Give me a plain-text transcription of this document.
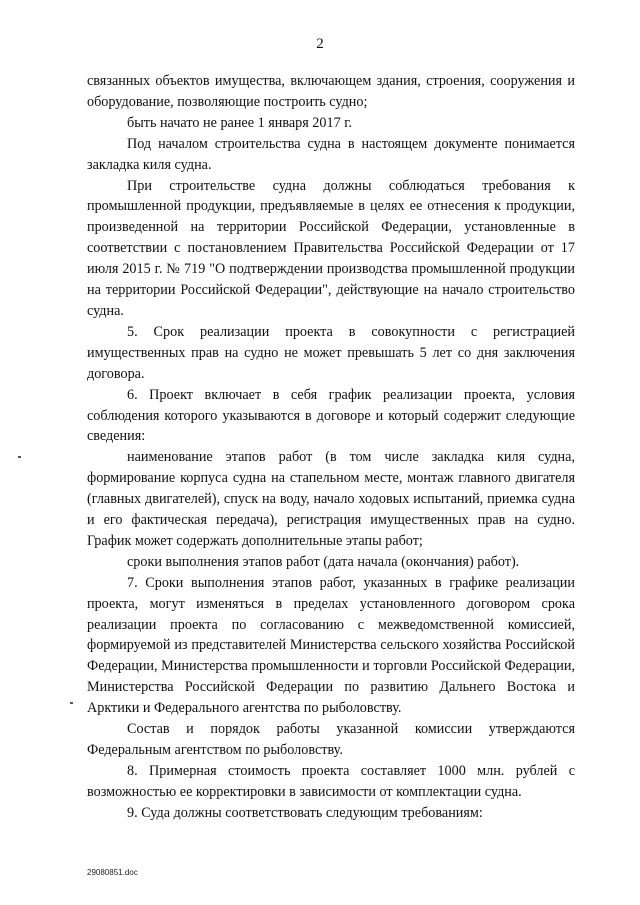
2

связанных объектов имущества, включающем здания, строения, сооружения и оборудование, позволяющие построить судно;

быть начато не ранее 1 января 2017 г.

Под началом строительства судна в настоящем документе понимается закладка киля судна.

При строительстве судна должны соблюдаться требования к промышленной продукции, предъявляемые в целях ее отнесения к продукции, произведенной на территории Российской Федерации, установленные в соответствии с постановлением Правительства Российской Федерации от 17 июля 2015 г. № 719 "О подтверждении производства промышленной продукции на территории Российской Федерации", действующие на начало строительство судна.

5. Срок реализации проекта в совокупности с регистрацией имущественных прав на судно не может превышать 5 лет со дня заключения договора.

6. Проект включает в себя график реализации проекта, условия соблюдения которого указываются в договоре и который содержит следующие сведения:

наименование этапов работ (в том числе закладка киля судна, формирование корпуса судна на стапельном месте, монтаж главного двигателя (главных двигателей), спуск на воду, начало ходовых испытаний, приемка судна и его фактическая передача), регистрация имущественных прав на судно. График может содержать дополнительные этапы работ;

сроки выполнения этапов работ (дата начала (окончания) работ).

7. Сроки выполнения этапов работ, указанных в графике реализации проекта, могут изменяться в пределах установленного договором срока реализации проекта по согласованию с межведомственной комиссией, формируемой из представителей Министерства сельского хозяйства Российской Федерации, Министерства промышленности и торговли Российской Федерации, Министерства Российской Федерации по развитию Дальнего Востока и Арктики и Федерального агентства по рыболовству.

Состав и порядок работы указанной комиссии утверждаются Федеральным агентством по рыболовству.

8. Примерная стоимость проекта составляет 1000 млн. рублей с возможностью ее корректировки в зависимости от комплектации судна.

9. Суда должны соответствовать следующим требованиям:

29080851.doc
